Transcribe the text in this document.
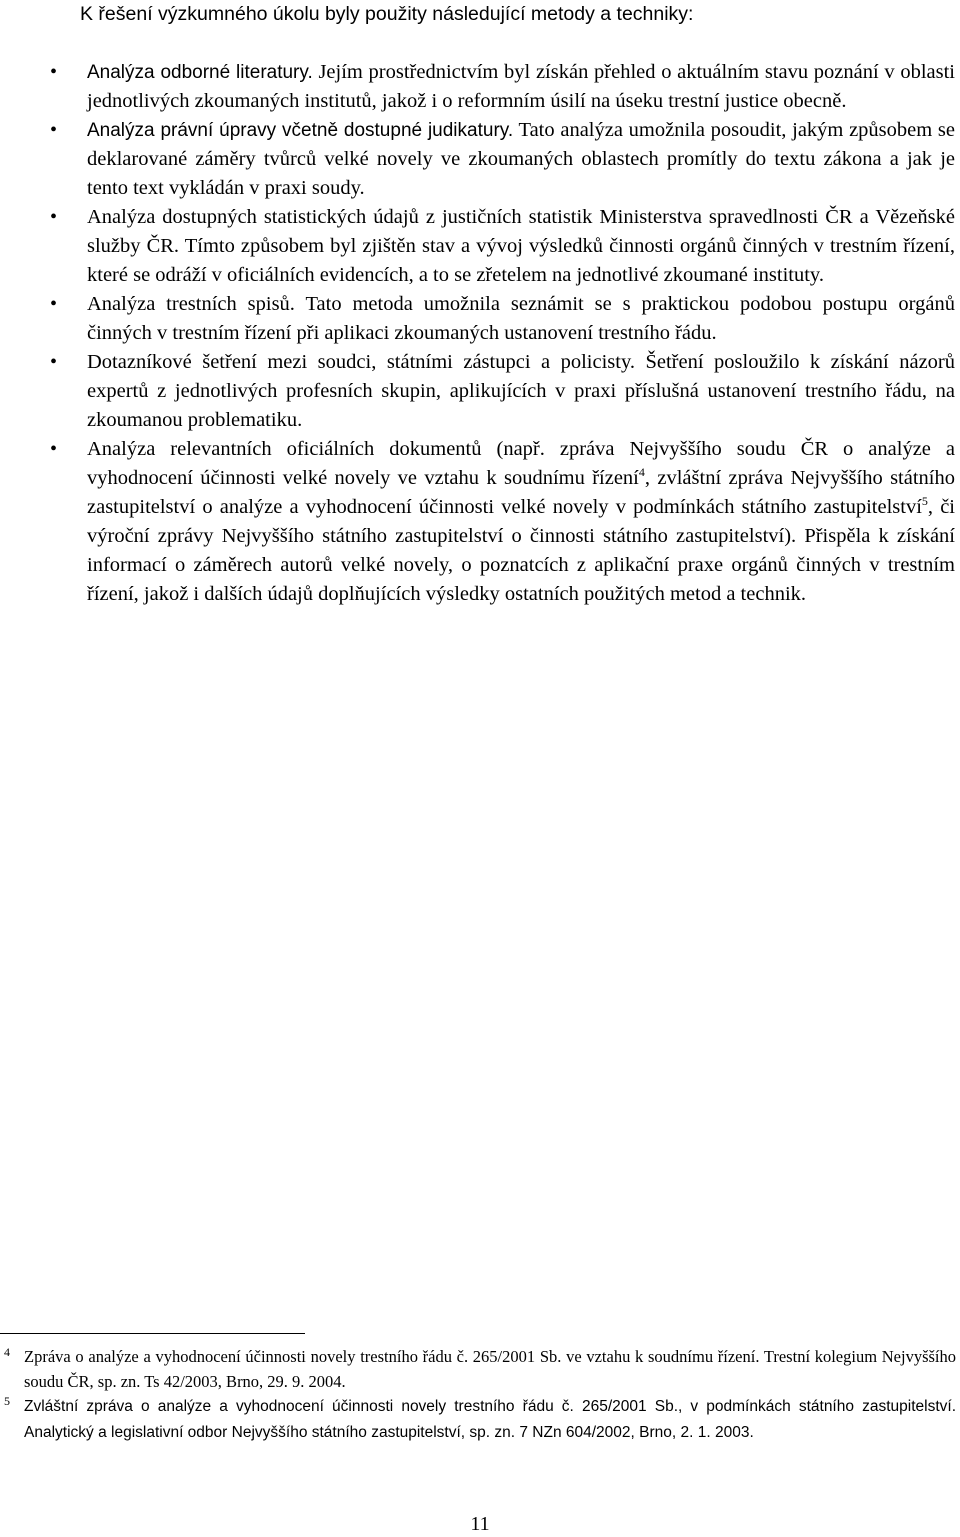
K řešení výzkumného úkolu byly použity následující metody a techniky:

• Analýza odborné literatury. Jejím prostřednictvím byl získán přehled o aktuálním stavu poznání v oblasti jednotlivých zkoumaných institutů, jakož i o reformním úsilí na úseku trestní justice obecně.

• Analýza právní úpravy včetně dostupné judikatury. Tato analýza umožnila posoudit, jakým způsobem se deklarované záměry tvůrců velké novely ve zkoumaných oblastech promítly do textu zákona a jak je tento text vykládán v praxi soudy.

• Analýza dostupných statistických údajů z justičních statistik Ministerstva spravedlnosti ČR a Vězeňské služby ČR. Tímto způsobem byl zjištěn stav a vývoj výsledků činnosti orgánů činných v trestním řízení, které se odráží v oficiálních evidencích, a to se zřetelem na jednotlivé zkoumané instituty.

• Analýza trestních spisů. Tato metoda umožnila seznámit se s praktickou podobou postupu orgánů činných v trestním řízení při aplikaci zkoumaných ustanovení trestního řádu.

• Dotazníkové šetření mezi soudci, státními zástupci a policisty. Šetření posloužilo k získání názorů expertů z jednotlivých profesních skupin, aplikujících v praxi příslušná ustanovení trestního řádu, na zkoumanou problematiku.

• Analýza relevantních oficiálních dokumentů (např. zpráva Nejvyššího soudu ČR o analýze a vyhodnocení účinnosti velké novely ve vztahu k soudnímu řízení$^4$, zvláštní zpráva Nejvyššího státního zastupitelství o analýze a vyhodnocení účinnosti velké novely v podmínkách státního zastupitelství$^5$, či výroční zprávy Nejvyššího státního zastupitelství o činnosti státního zastupitelství). Přispěla k získání informací o záměrech autorů velké novely, o poznatcích z aplikační praxe orgánů činných v trestním řízení, jakož i dalších údajů doplňujících výsledky ostatních použitých metod a technik.

4 Zpráva o analýze a vyhodnocení účinnosti novely trestního řádu č. 265/2001 Sb. ve vztahu k soudnímu řízení. Trestní kolegium Nejvyššího soudu ČR, sp. zn. Ts 42/2003, Brno, 29. 9. 2004.

5 Zvláštní zpráva o analýze a vyhodnocení účinnosti novely trestního řádu č. 265/2001 Sb., v podmínkách státního zastupitelství. Analytický a legislativní odbor Nejvyššího státního zastupitelství, sp. zn. 7 NZn 604/2002, Brno, 2. 1. 2003.

11
